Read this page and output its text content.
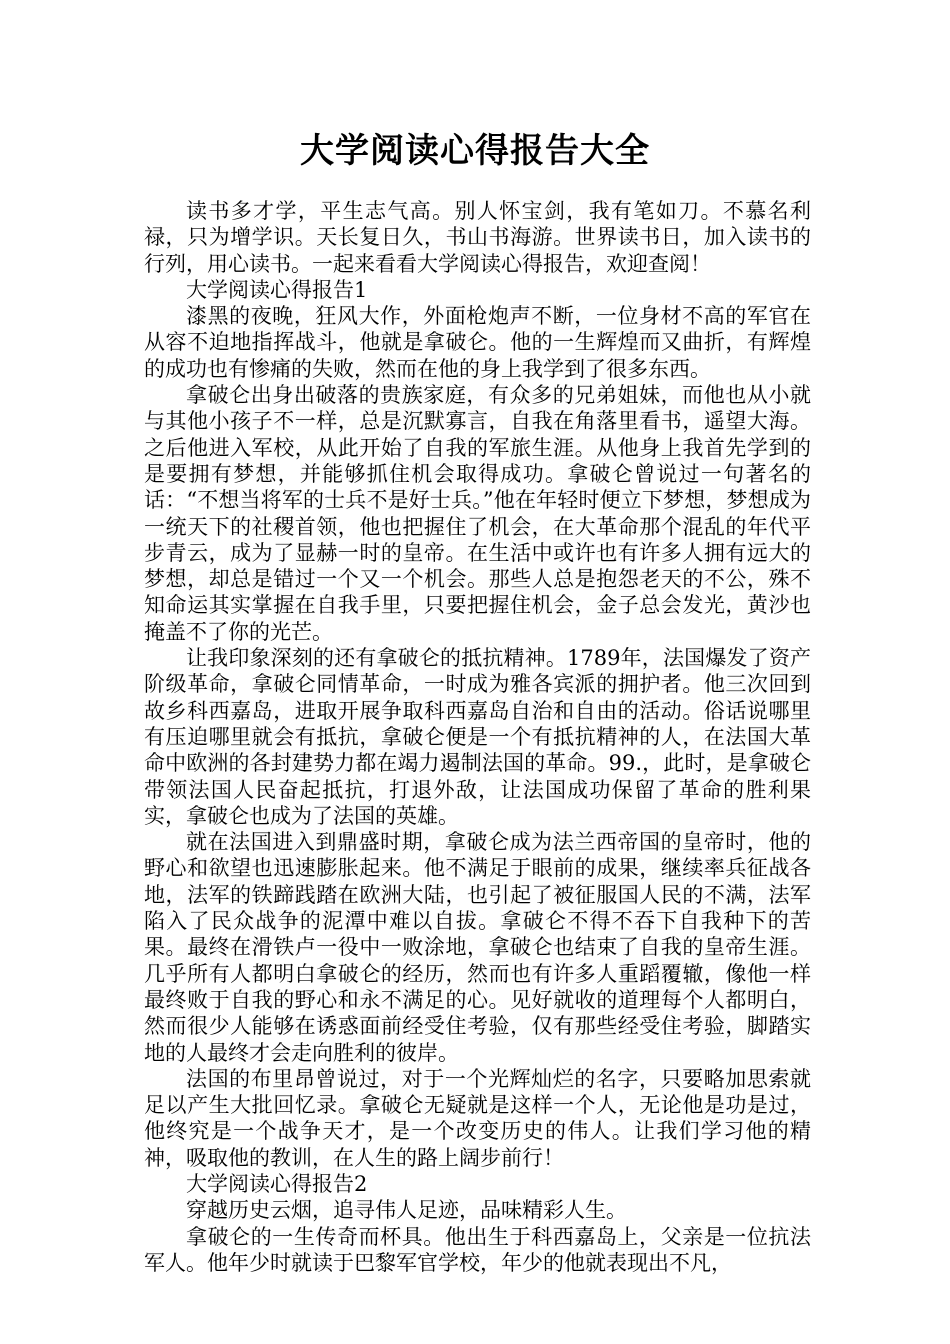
大学阅读心得报告大全

读书多才学，平生志气高。别人怀宝剑，我有笔如刀。不慕名利禄，只为增学识。天长复日久，书山书海游。世界读书日，加入读书的行列，用心读书。一起来看看大学阅读心得报告，欢迎查阅！

大学阅读心得报告1

漆黑的夜晚，狂风大作，外面枪炮声不断，一位身材不高的军官在从容不迫地指挥战斗，他就是拿破仑。他的一生辉煌而又曲折，有辉煌的成功也有惨痛的失败，然而在他的身上我学到了很多东西。

拿破仑出身出破落的贵族家庭，有众多的兄弟姐妹，而他也从小就与其他小孩子不一样，总是沉默寡言，自我在角落里看书，遥望大海。之后他进入军校，从此开始了自我的军旅生涯。从他身上我首先学到的是要拥有梦想，并能够抓住机会取得成功。拿破仑曾说过一句著名的话：“不想当将军的士兵不是好士兵。”他在年轻时便立下梦想，梦想成为一统天下的社稷首领，他也把握住了机会，在大革命那个混乱的年代平步青云，成为了显赫一时的皇帝。在生活中或许也有许多人拥有远大的梦想，却总是错过一个又一个机会。那些人总是抱怨老天的不公，殊不知命运其实掌握在自我手里，只要把握住机会，金子总会发光，黄沙也掩盖不了你的光芒。

让我印象深刻的还有拿破仑的抵抗精神。1789年，法国爆发了资产阶级革命，拿破仑同情革命，一时成为雅各宾派的拥护者。他三次回到故乡科西嘉岛，进取开展争取科西嘉岛自治和自由的活动。俗话说哪里有压迫哪里就会有抵抗，拿破仑便是一个有抵抗精神的人，在法国大革命中欧洲的各封建势力都在竭力遏制法国的革命。99.，此时，是拿破仑带领法国人民奋起抵抗，打退外敌，让法国成功保留了革命的胜利果实，拿破仑也成为了法国的英雄。

就在法国进入到鼎盛时期，拿破仑成为法兰西帝国的皇帝时，他的野心和欲望也迅速膨胀起来。他不满足于眼前的成果，继续率兵征战各地，法军的铁蹄践踏在欧洲大陆，也引起了被征服国人民的不满，法军陷入了民众战争的泥潭中难以自拔。拿破仑不得不吞下自我种下的苦果。最终在滑铁卢一役中一败涂地，拿破仑也结束了自我的皇帝生涯。几乎所有人都明白拿破仑的经历，然而也有许多人重蹈覆辙，像他一样最终败于自我的野心和永不满足的心。见好就收的道理每个人都明白，然而很少人能够在诱惑面前经受住考验，仅有那些经受住考验，脚踏实地的人最终才会走向胜利的彼岸。

法国的布里昂曾说过，对于一个光辉灿烂的名字，只要略加思索就足以产生大批回忆录。拿破仑无疑就是这样一个人，无论他是功是过，他终究是一个战争天才，是一个改变历史的伟人。让我们学习他的精神，吸取他的教训，在人生的路上阔步前行！

大学阅读心得报告2

穿越历史云烟，追寻伟人足迹，品味精彩人生。

拿破仑的一生传奇而杯具。他出生于科西嘉岛上，父亲是一位抗法军人。他年少时就读于巴黎军官学校，年少的他就表现出不凡，
